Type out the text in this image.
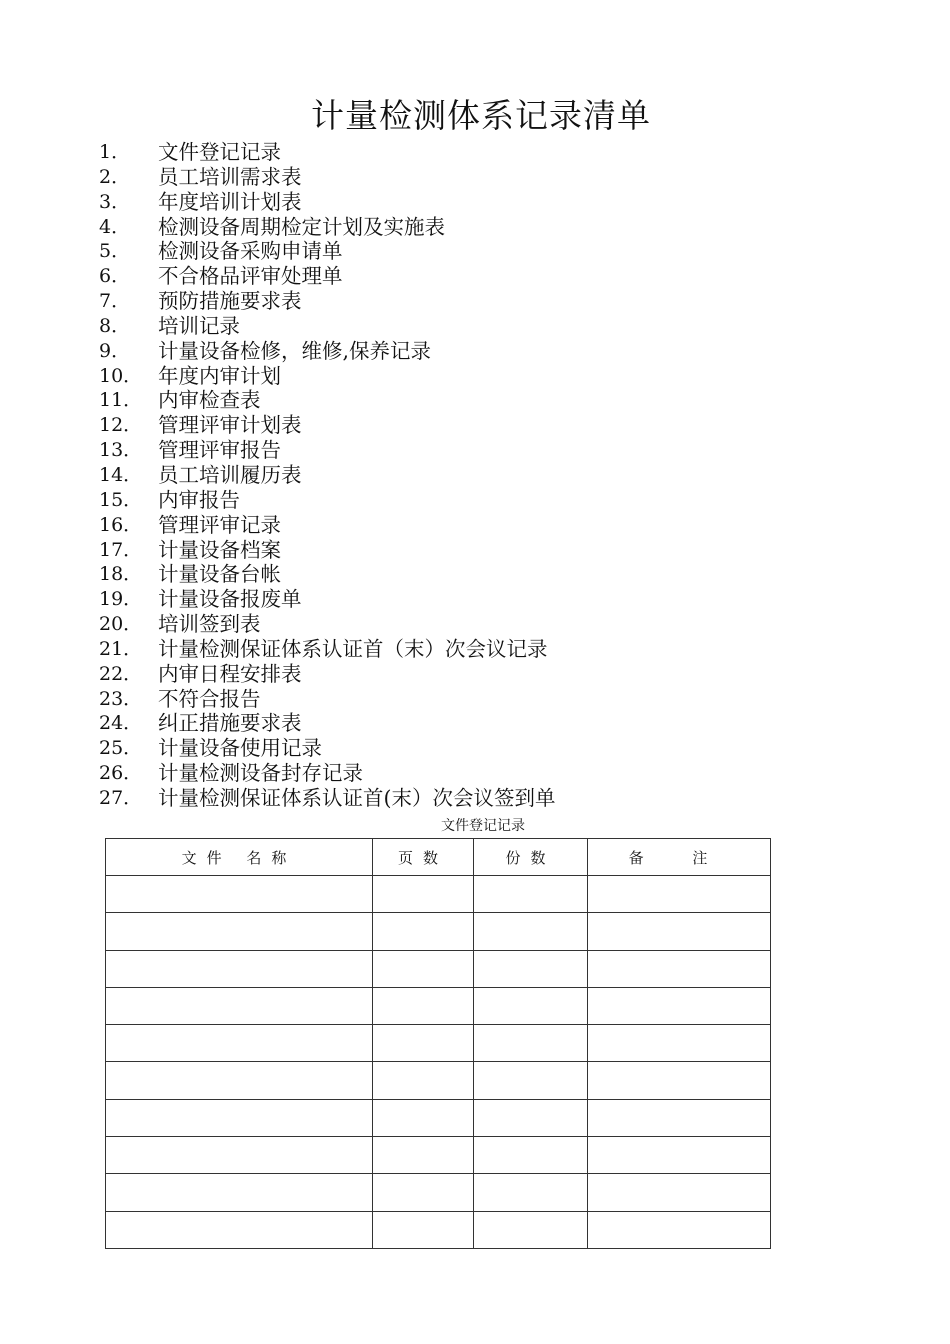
计量检测体系记录清单
1．	文件登记记录
2．	员工培训需求表
3．	年度培训计划表
4．	检测设备周期检定计划及实施表
5．	检测设备采购申请单
6．	不合格品评审处理单
7．	预防措施要求表
8．	培训记录
9．	计量设备检修，维修,保养记录
10． 年度内审计划
11． 内审检查表
12． 管理评审计划表
13． 管理评审报告
14． 员工培训履历表
15． 内审报告
16． 管理评审记录
17． 计量设备档案
18． 计量设备台帐
19． 计量设备报废单
20． 培训签到表
21． 计量检测保证体系认证首（末）次会议记录
22． 内审日程安排表
23． 不符合报告
24． 纠正措施要求表
25． 计量设备使用记录
26． 计量检测设备封存记录
27． 计量检测保证体系认证首(末）次会议签到单
文件登记记录
文件 名称	页数	份数	备 注
